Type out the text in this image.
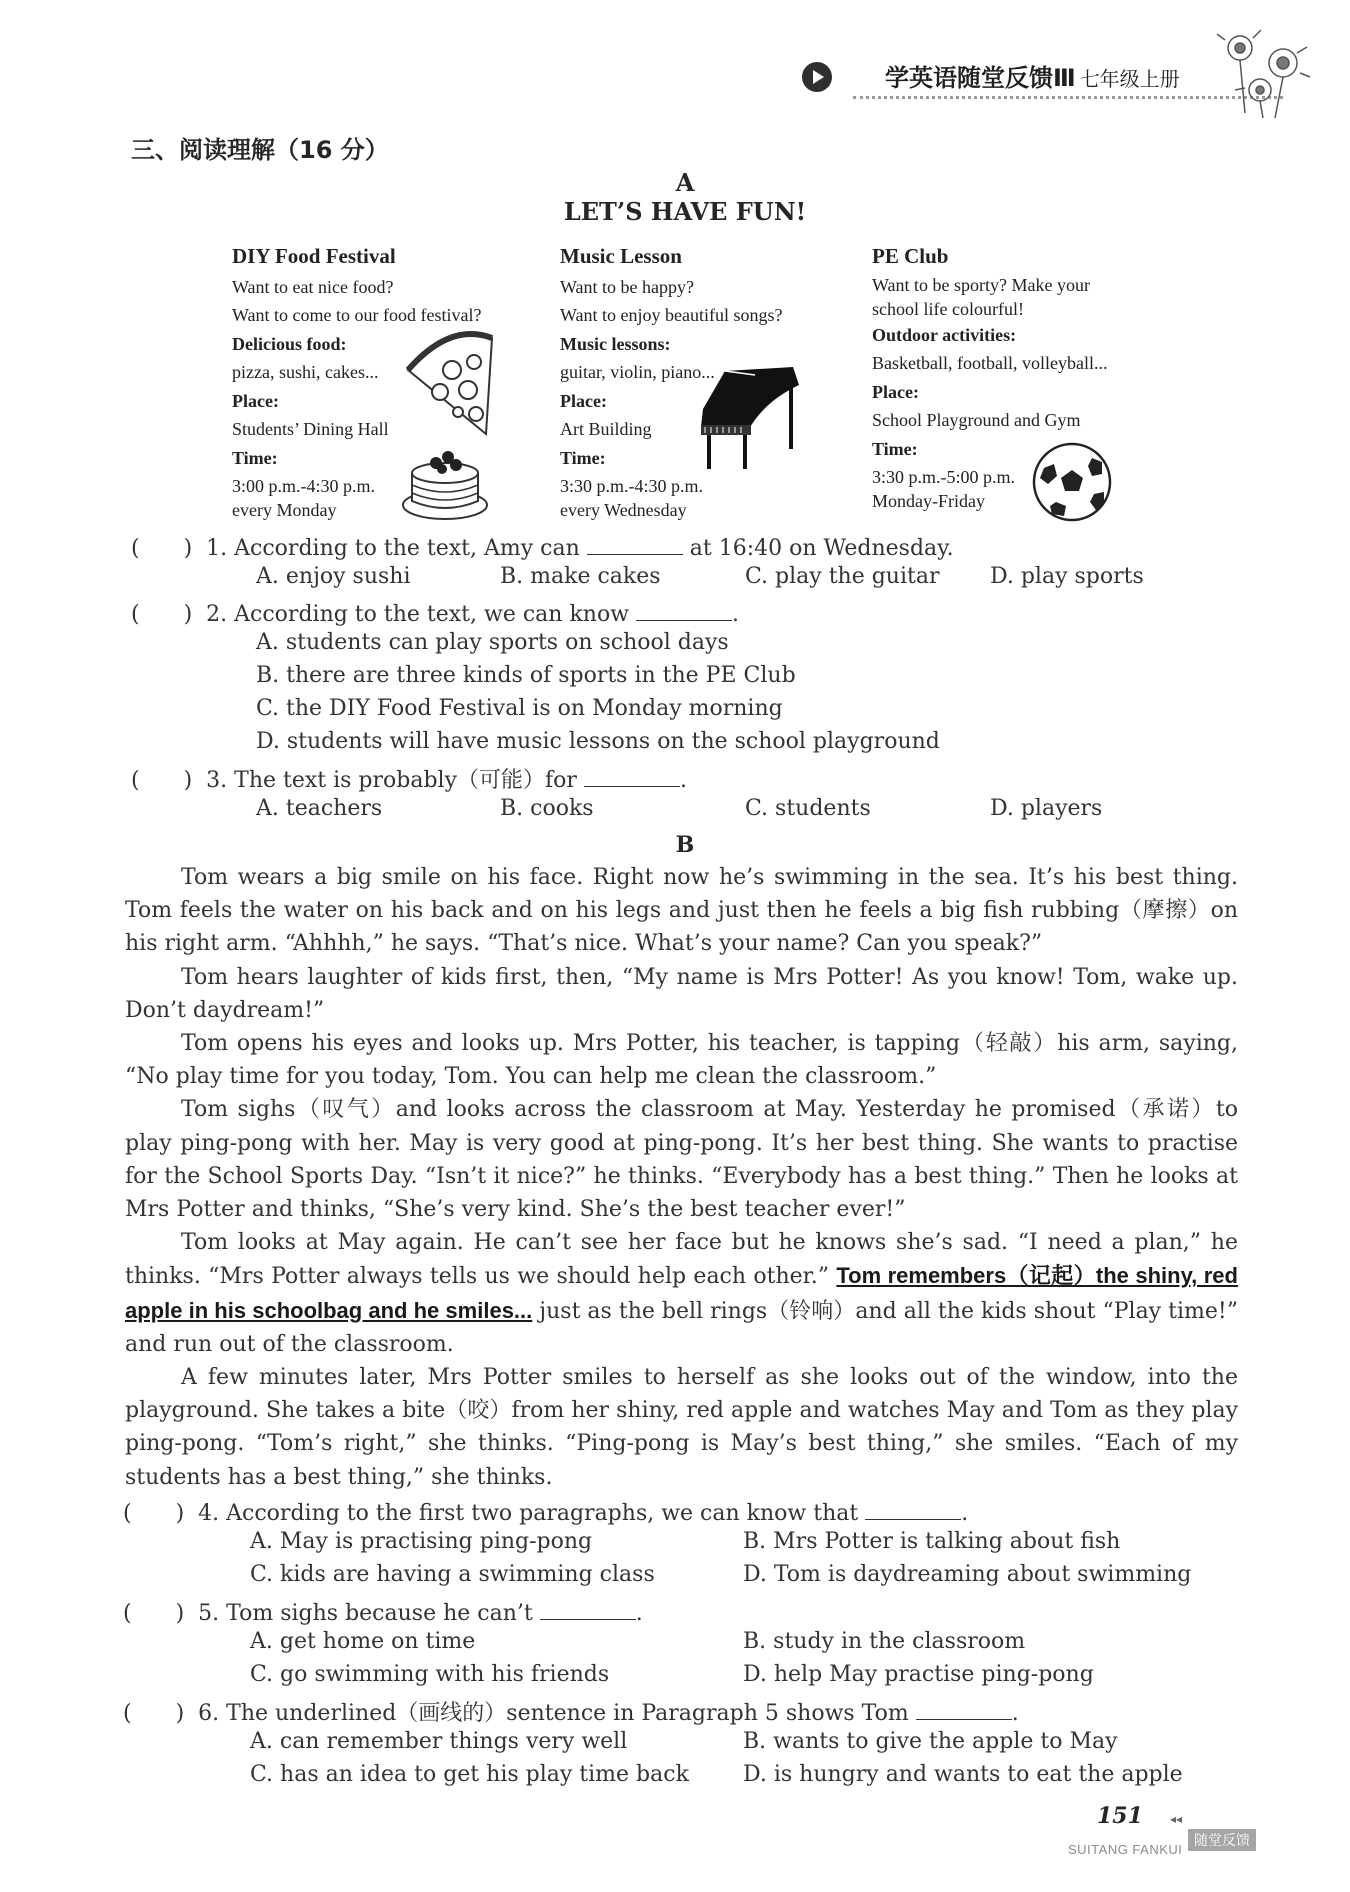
学英语随堂反馈Ⅲ 七年级上册
三、阅读理解（16 分）
A
LET’S HAVE FUN!
DIY Food Festival
Want to eat nice food?
Want to come to our food festival?
Delicious food:
pizza, sushi, cakes...
Place:
Students’ Dining Hall
Time:
3:00 p.m.-4:30 p.m.
every Monday
Music Lesson
Want to be happy?
Want to enjoy beautiful songs?
Music lessons:
guitar, violin, piano...
Place:
Art Building
Time:
3:30 p.m.-4:30 p.m.
every Wednesday
PE Club
Want to be sporty? Make your
school life colourful!
Outdoor activities:
Basketball, football, volleyball...
Place:
School Playground and Gym
Time:
3:30 p.m.-5:00 p.m.
Monday-Friday
(　　) 1. According to the text, Amy can	at 16:40 on Wednesday.
A. enjoy sushi	B. make cakes	C. play the guitar D. play sports
(　　) 2. According to the text, we can know	.
A. students can play sports on school days
B. there are three kinds of sports in the PE Club
C. the DIY Food Festival is on Monday morning
D. students will have music lessons on the school playground
(　　) 3. The text is probably（可能）for	.
A. teachers	B. cooks	C. students	D. players
B

Tom wears a big smile on his face. Right now he’s swimming in the sea. It’s his best thing. Tom feels the water on his back and on his legs and just then he feels a big fish rubbing（摩擦）on his right arm. “Ahhhh,” he says. “That’s nice. What’s your name? Can you speak?”

Tom hears laughter of kids first, then, “My name is Mrs Potter! As you know! Tom, wake up. Don’t daydream!”

Tom opens his eyes and looks up. Mrs Potter, his teacher, is tapping（轻敲）his arm, saying, “No play time for you today, Tom. You can help me clean the classroom.”

Tom sighs（叹气）and looks across the classroom at May. Yesterday he promised（承诺）to play ping-pong with her. May is very good at ping-pong. It’s her best thing. She wants to practise for the School Sports Day. “Isn’t it nice?” he thinks. “Everybody has a best thing.” Then he looks at Mrs Potter and thinks, “She’s very kind. She’s the best teacher ever!”

Tom looks at May again. He can’t see her face but he knows she’s sad. “I need a plan,” he thinks. “Mrs Potter always tells us we should help each other.” Tom remembers（记起）the shiny, red apple in his schoolbag and he smiles... just as the bell rings（铃响）and all the kids shout “Play time!” and run out of the classroom.

A few minutes later, Mrs Potter smiles to herself as she looks out of the window, into the playground. She takes a bite（咬）from her shiny, red apple and watches May and Tom as they play ping-pong. “Tom’s right,” she thinks. “Ping-pong is May’s best thing,” she smiles. “Each of my students has a best thing,” she thinks.

(　　) 4. According to the first two paragraphs, we can know that	.
A. May is practising ping-pong	B. Mrs Potter is talking about fish
C. kids are having a swimming class	D. Tom is daydreaming about swimming
(　　) 5. Tom sighs because he can’t	.
A. get home on time	B. study in the classroom
C. go swimming with his friends	D. help May practise ping-pong
(　　) 6. The underlined（画线的）sentence in Paragraph 5 shows Tom	.
A. can remember things very well	B. wants to give the apple to May
C. has an idea to get his play time back D. is hungry and wants to eat the apple
151 ◂◂
SUITANG FANKUI
随堂反馈
